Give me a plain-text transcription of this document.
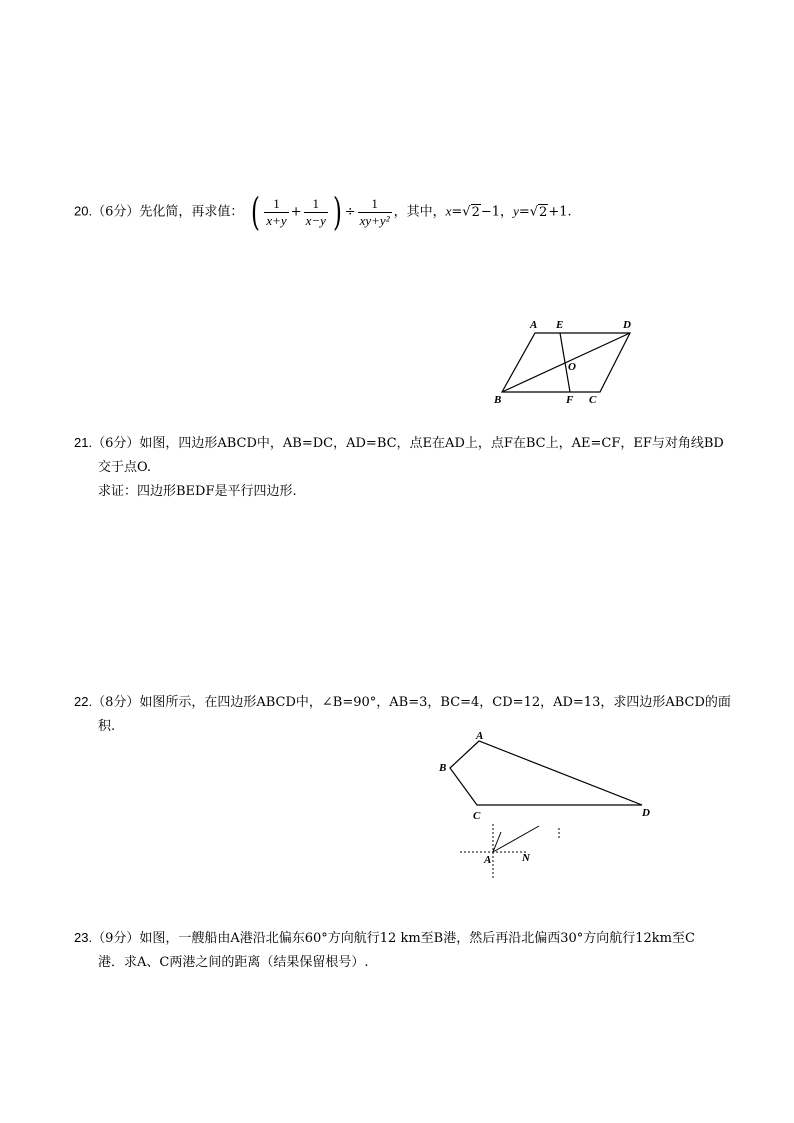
20.（6分）先化简，再求值： ( $\frac{1}{x+y} + \frac{1}{x-y}$ ) ÷ $\frac{1}{\text{xy+y²}}$ ，其中，x=√2−1，y=√2+1.
A E	D
O
B	F C
21.（6分）如图，四边形ABCD中，AB=DC，AD=BC，点E在AD上，点F在BC上，AE=CF，EF与对角线BD
交于点O.
求证：四边形BEDF是平行四边形.
22.（8分）如图所示，在四边形ABCD中，∠B=90°，AB=3，BC=4，CD=12，AD=13，求四边形ABCD的面
积.
A
B
C	D
A	N
23.（9分）如图，一艘船由A港沿北偏东60°方向航行12 km至B港，然后再沿北偏西30°方向航行12km至C
港．求A、C两港之间的距离（结果保留根号）.
